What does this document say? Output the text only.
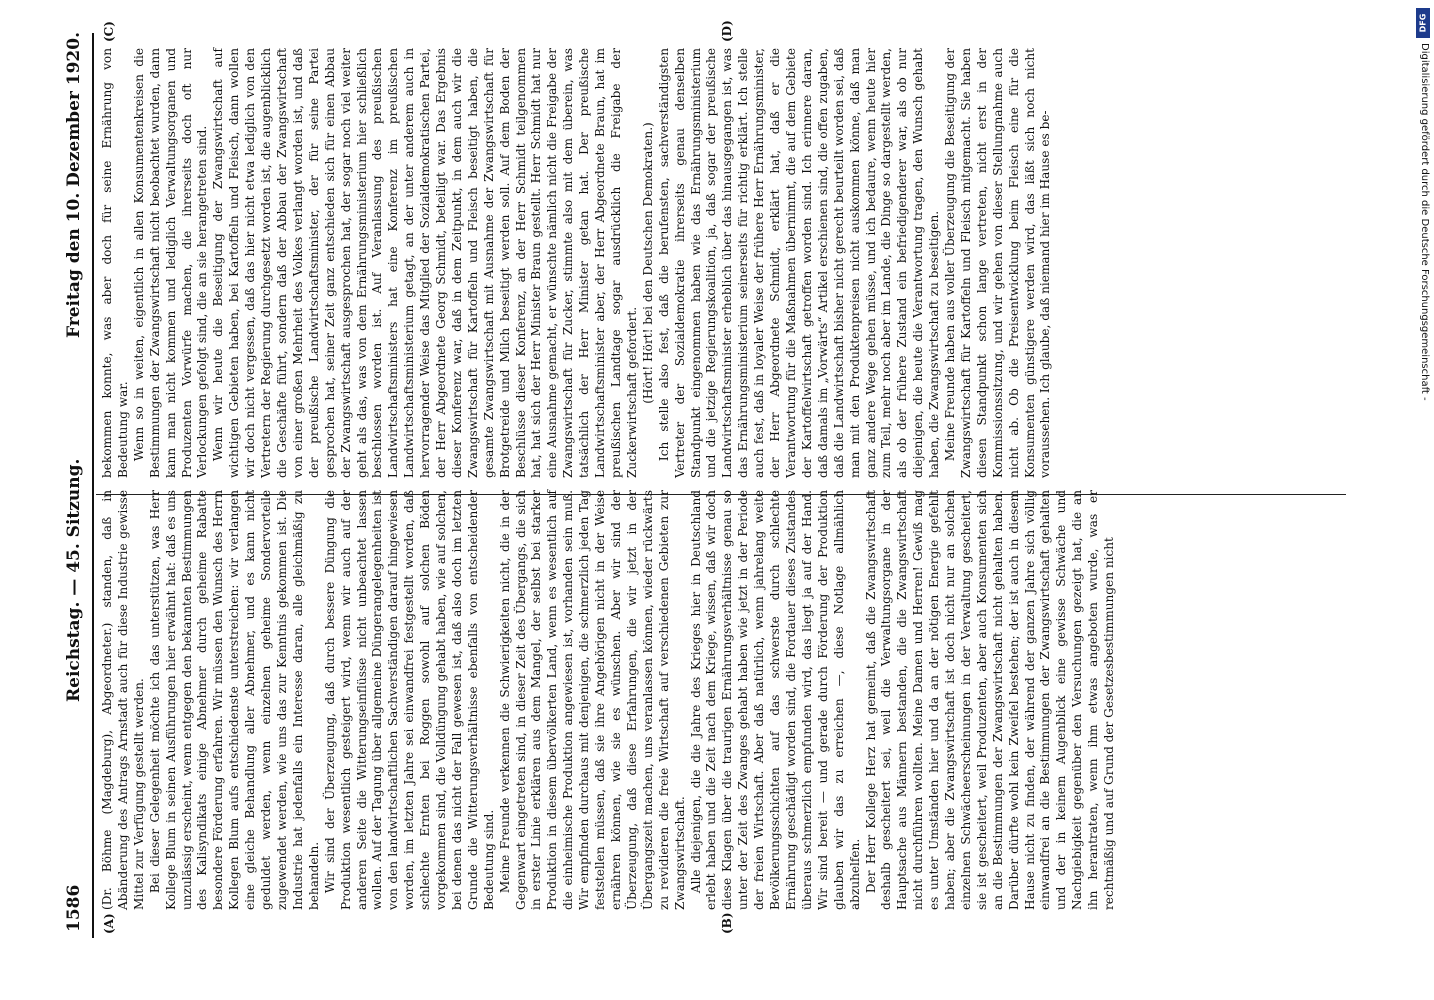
1586
Reichstag. — 45. Sitzung.
Freitag den 10. Dezember 1920.
(A)	(B)
(C)	(D)

(Dr. Böhme (Magdeburg), Abgeordneter.) standen, daß in Abänderung des Antrags Arnstadt auch für diese Industrie gewisse Mittel zur Verfügung gestellt werden. Bei dieser Gelegenheit möchte ich das unterstützen, was Herr Kollege Blum in seinen Ausführungen hier erwähnt hat: daß es uns unzulässig erscheint, wenn entgegen den bekannten Bestimmungen des Kalisyndikats einige Abnehmer durch geheime Rabatte besondere Förderung erfahren. Wir müssen den Wunsch des Herrn Kollegen Blum aufs entschiedenste unterstreichen: wir verlangen eine gleiche Behandlung aller Abnehmer, und es kann nicht geduldet werden, wenn einzelnen geheime Sondervorteile zugewendet werden, wie uns das zur Kenntnis gekommen ist. Die Industrie hat jedenfalls ein Interesse daran, alle gleichmäßig zu behandeln. Wir sind der Überzeugung, daß durch bessere Düngung die Produktion wesentlich gesteigert wird, wenn wir auch auf der anderen Seite die Witterungseinflüsse nicht unbeachtet lassen wollen. Auf der Tagung über allgemeine Düngerangelegenheiten ist von den landwirtschaftlichen Sachverständigen darauf hingewiesen worden, im letzten Jahre sei einwandfrei festgestellt worden, daß schlechte Ernten bei Roggen sowohl auf solchen Böden vorgekommen sind, die Volldüngung gehabt haben, wie auf solchen, bei denen das nicht der Fall gewesen ist, daß also doch im letzten Grunde die Witterungsverhältnisse ebenfalls von entscheidender Bedeutung sind. Meine Freunde verkennen die Schwierigkeiten nicht, die in der Gegenwart eingetreten sind, in dieser Zeit des Übergangs, die sich in erster Linie erklären aus dem Mangel, der selbst bei starker Produktion in diesem übervölkerten Land, wenn es wesentlich auf die einheimische Produktion angewiesen ist, vorhanden sein muß. Wir empfinden durchaus mit denjenigen, die schmerzlich jeden Tag feststellen müssen, daß sie ihre Angehörigen nicht in der Weise ernähren können, wie sie es wünschen. Aber wir sind der Überzeugung, daß diese Erfahrungen, die wir jetzt in der Übergangszeit machen, uns veranlassen können, wieder rückwärts zu revidieren die freie Wirtschaft auf verschiedenen Gebieten zur Zwangswirtschaft. Alle diejenigen, die die Jahre des Krieges hier in Deutschland erlebt haben und die Zeit nach dem Kriege, wissen, daß wir doch diese Klagen über die traurigen Ernährungsverhältnisse genau so unter der Zeit des Zwanges gehabt haben wie jetzt in der Periode der freien Wirtschaft. Aber daß natürlich, wenn jahrelang weite Bevölkerungsschichten auf das schwerste durch schlechte Ernährung geschädigt worden sind, die Fordauer dieses Zustandes überaus schmerzlich empfunden wird, das liegt ja auf der Hand. Wir sind bereit — und gerade durch Förderung der Produktion glauben wir das zu erreichen —, diese Notlage allmählich abzuhelfen. Der Herr Kollege Herz hat gemeint, daß die Zwangswirtschaft deshalb gescheitert sei, weil die Verwaltungsorgane in der Hauptsache aus Männern bestanden, die die Zwangswirtschaft nicht durchführen wollten. Meine Damen und Herren! Gewiß mag es unter Umständen hier und da an der nötigen Energie gefehlt haben; aber die Zwangswirtschaft ist doch nicht nur an solchen einzelnen Schwächeerscheinungen in der Verwaltung gescheitert, sie ist gescheitert, weil Produzenten, aber auch Konsumenten sich an die Bestimmungen der Zwangswirtschaft nicht gehalten haben. Darüber dürfte wohl kein Zweifel bestehen; der ist auch in diesem Hause nicht zu finden, der während der ganzen Jahre sich völlig einwandfrei an die Bestimmungen der Zwangswirtschaft gehalten und der in keinem Augenblick eine gewisse Schwäche und Nachgiebigkeit gegenüber den Versuchungen gezeigt hat, die an ihn herantraten, wenn ihm etwas angeboten wurde, was er rechtmäßig und auf Grund der Gesetzesbestimmungen nicht

bekommen konnte, was aber doch für seine Ernährung von Bedeutung war. Wenn so in weiten, eigentlich in allen Konsumentenkreisen die Bestimmungen der Zwangswirtschaft nicht beobachtet wurden, dann kann man nicht kommen und lediglich Verwaltungsorganen und Produzenten Vorwürfe machen, die ihrerseits doch oft nur Verlockungen gefolgt sind, die an sie herangetreten sind. Wenn wir heute die Beseitigung der Zwangswirtschaft auf wichtigen Gebieten haben, bei Kartoffeln und Fleisch, dann wollen wir doch nicht vergessen, daß das hier nicht etwa lediglich von den Vertretern der Regierung durchgesetzt worden ist, die augenblicklich die Geschäfte führt, sondern daß der Abbau der Zwangswirtschaft von einer großen Mehrheit des Volkes verlangt worden ist, und daß der preußische Landwirtschaftsminister, der für seine Partei gesprochen hat, seiner Zeit ganz entschieden sich für einen Abbau der Zwangswirtschaft ausgesprochen hat, der sogar noch viel weiter geht als das, was von dem Ernährungsministerium hier schließlich beschlossen worden ist. Auf Veranlassung des preußischen Landwirtschaftsministers hat eine Konferenz im preußischen Landwirtschaftsministerium getagt, an der unter anderem auch in hervorragender Weise das Mitglied der Sozialdemokratischen Partei, der Herr Abgeordnete Georg Schmidt, beteiligt war. Das Ergebnis dieser Konferenz war, daß in dem Zeitpunkt, in dem auch wir die Zwangswirtschaft für Kartoffeln und Fleisch beseitigt haben, die gesamte Zwangswirtschaft mit Ausnahme der Zwangswirtschaft für Brotgetreide und Milch beseitigt werden soll. Auf dem Boden der Beschlüsse dieser Konferenz, an der Herr Schmidt teilgenommen hat, hat sich der Herr Minister Braun gestellt. Herr Schmidt hat nur eine Ausnahme gemacht, er wünschte nämlich nicht die Freigabe der Zwangswirtschaft für Zucker, stimmte also mit dem überein, was tatsächlich der Herr Minister getan hat. Der preußische Landwirtschaftsminister aber, der Herr Abgeordnete Braun, hat im preußischen Landtage sogar ausdrücklich die Freigabe der Zuckerwirtschaft gefordert. (Hört! Hört! bei den Deutschen Demokraten.) Ich stelle also fest, daß die berufensten, sachverständigsten Vertreter der Sozialdemokratie ihrerseits genau denselben Standpunkt eingenommen haben wie das Ernährungsministerium und die jetzige Regierungskoalition, ja, daß sogar der preußische Landwirtschaftsminister erheblich über das hinausgegangen ist, was das Ernährungsministerium seinerseits für richtig erklärt. Ich stelle auch fest, daß in loyaler Weise der frühere Herr Ernährungsminister, der Herr Abgeordnete Schmidt, erklärt hat, daß er die Verantwortung für die Maßnahmen übernimmt, die auf dem Gebiete der Kartoffelwirtschaft getroffen worden sind. Ich erinnere daran, daß damals im „Vorwärts“ Artikel erschienen sind, die offen zugaben, daß die Landwirtschaft bisher nicht gerecht beurteilt worden sei, daß man mit den Produktenpreisen nicht auskommen könne, daß man ganz andere Wege gehen müsse, und ich bedaure, wenn heute hier zum Teil, mehr noch aber im Lande, die Dinge so dargestellt werden, als ob der frühere Zustand ein befriedigenderer war, als ob nur diejenigen, die heute die Verantwortung tragen, den Wunsch gehabt haben, die Zwangswirtschaft zu beseitigen. Meine Freunde haben aus voller Überzeugung die Beseitigung der Zwangswirtschaft für Kartoffeln und Fleisch mitgemacht. Sie haben diesen Standpunkt schon lange vertreten, nicht erst in der Kommissionssitzung, und wir gehen von dieser Stellungnahme auch nicht ab. Ob die Preisentwicklung beim Fleisch eine für die Konsumenten günstigere werden wird, das läßt sich noch nicht voraussehen. Ich glaube, daß niemand hier im Hause es be-

DFG
Digitalisierung gefördert durch die Deutsche Forschungsgemeinschaft -
